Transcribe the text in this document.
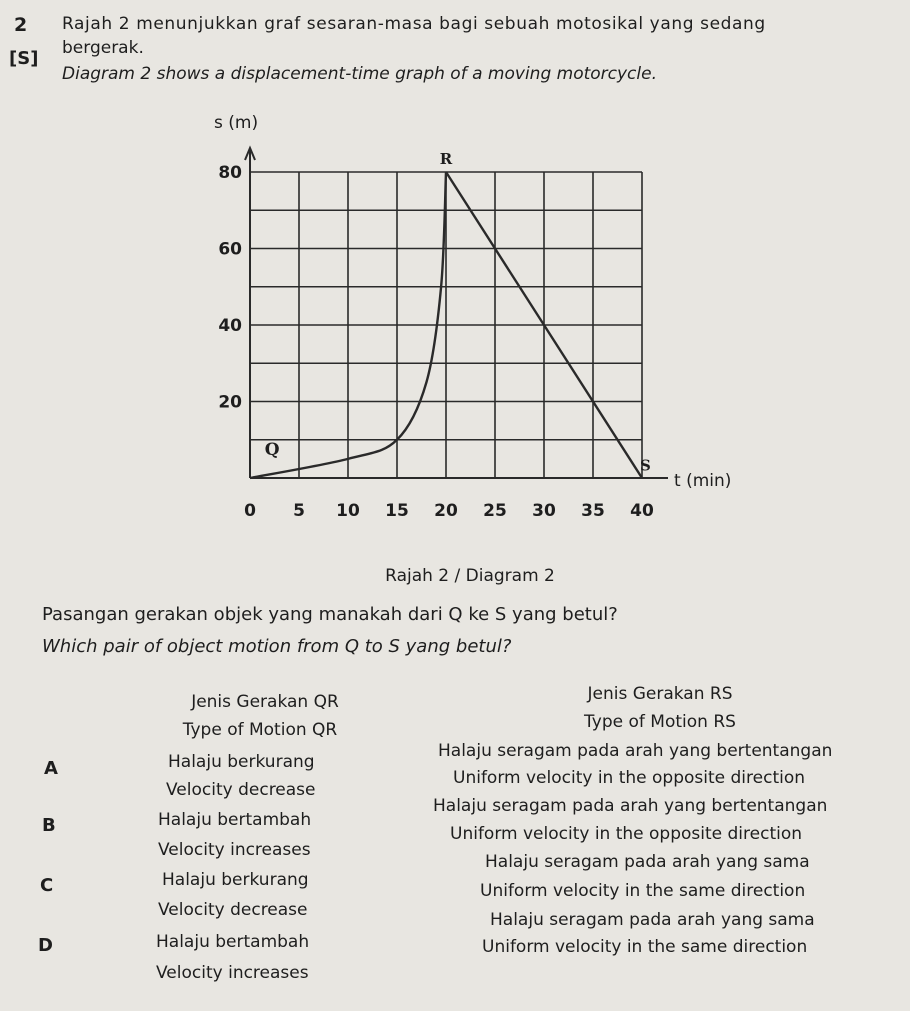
2
[S]
Rajah 2 menunjukkan graf sesaran-masa bagi sebuah motosikal yang sedang
bergerak.
Diagram 2 shows a displacement-time graph of a moving motorcycle.
0 5 10 15 20 25 30 35 40
20
60
40
80
s (m)
t (min)
Q
R
S
Rajah 2 / Diagram 2
Pasangan gerakan objek yang manakah dari Q ke S yang betul?
Which pair of object motion from Q to S yang betul?
Jenis Gerakan QR
Type of Motion QR
Jenis Gerakan RS
Type of Motion RS
A	Halaju berkurang
Velocity decrease
Halaju seragam pada arah yang bertentangan
Uniform velocity in the opposite direction
B	Halaju bertambah
Velocity increases
Halaju seragam pada arah yang bertentangan
Uniform velocity in the opposite direction
C	Halaju berkurang
Velocity decrease
Halaju seragam pada arah yang sama
Uniform velocity in the same direction
D	Halaju bertambah
Velocity increases
Halaju seragam pada arah yang sama
Uniform velocity in the same direction
